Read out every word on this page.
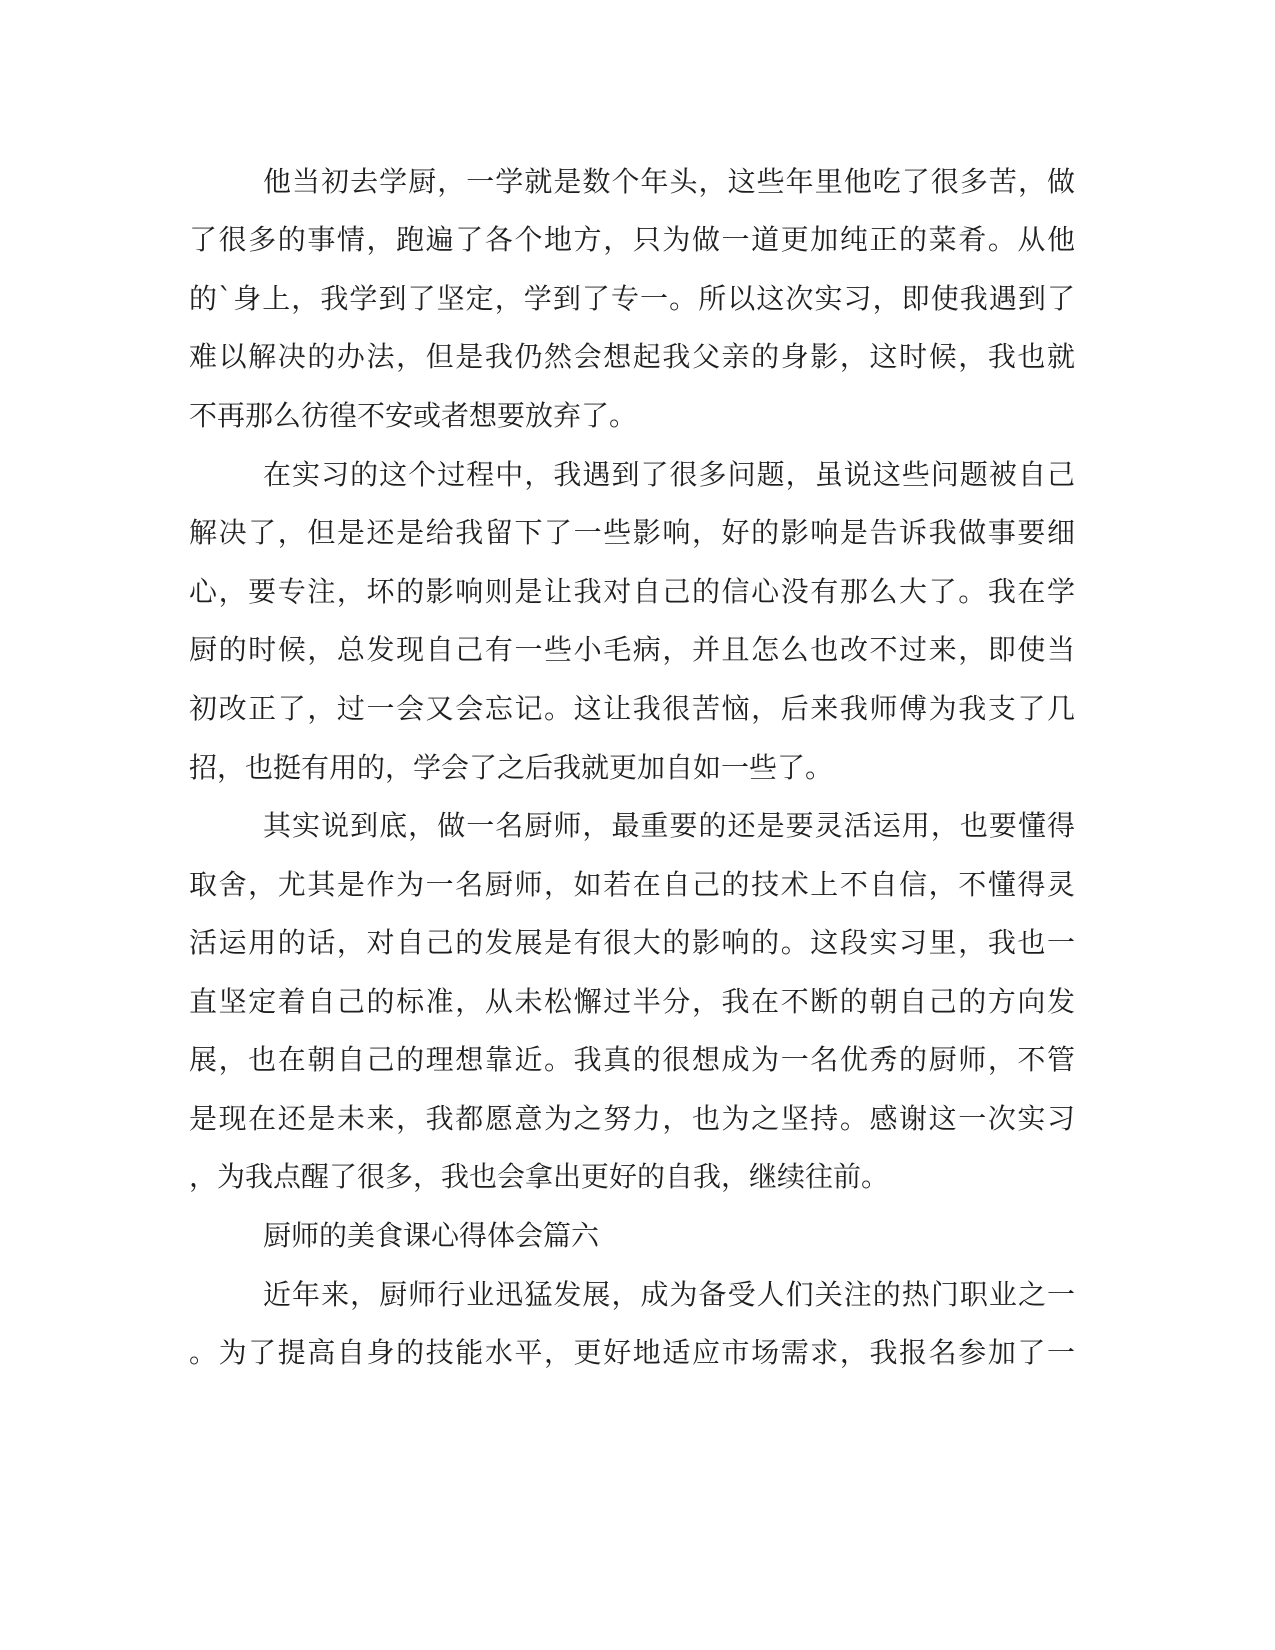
他当初去学厨，一学就是数个年头，这些年里他吃了很多苦，做
了很多的事情，跑遍了各个地方，只为做一道更加纯正的菜肴。从他
的`身上，我学到了坚定，学到了专一。所以这次实习，即使我遇到了
难以解决的办法，但是我仍然会想起我父亲的身影，这时候，我也就
不再那么彷徨不安或者想要放弃了。
在实习的这个过程中，我遇到了很多问题，虽说这些问题被自己
解决了，但是还是给我留下了一些影响，好的影响是告诉我做事要细
心，要专注，坏的影响则是让我对自己的信心没有那么大了。我在学
厨的时候，总发现自己有一些小毛病，并且怎么也改不过来，即使当
初改正了，过一会又会忘记。这让我很苦恼，后来我师傅为我支了几
招，也挺有用的，学会了之后我就更加自如一些了。
其实说到底，做一名厨师，最重要的还是要灵活运用，也要懂得
取舍，尤其是作为一名厨师，如若在自己的技术上不自信，不懂得灵
活运用的话，对自己的发展是有很大的影响的。这段实习里，我也一
直坚定着自己的标准，从未松懈过半分，我在不断的朝自己的方向发
展，也在朝自己的理想靠近。我真的很想成为一名优秀的厨师，不管
是现在还是未来，我都愿意为之努力，也为之坚持。感谢这一次实习
，为我点醒了很多，我也会拿出更好的自我，继续往前。
厨师的美食课心得体会篇六
近年来，厨师行业迅猛发展，成为备受人们关注的热门职业之一
。为了提高自身的技能水平，更好地适应市场需求，我报名参加了一
